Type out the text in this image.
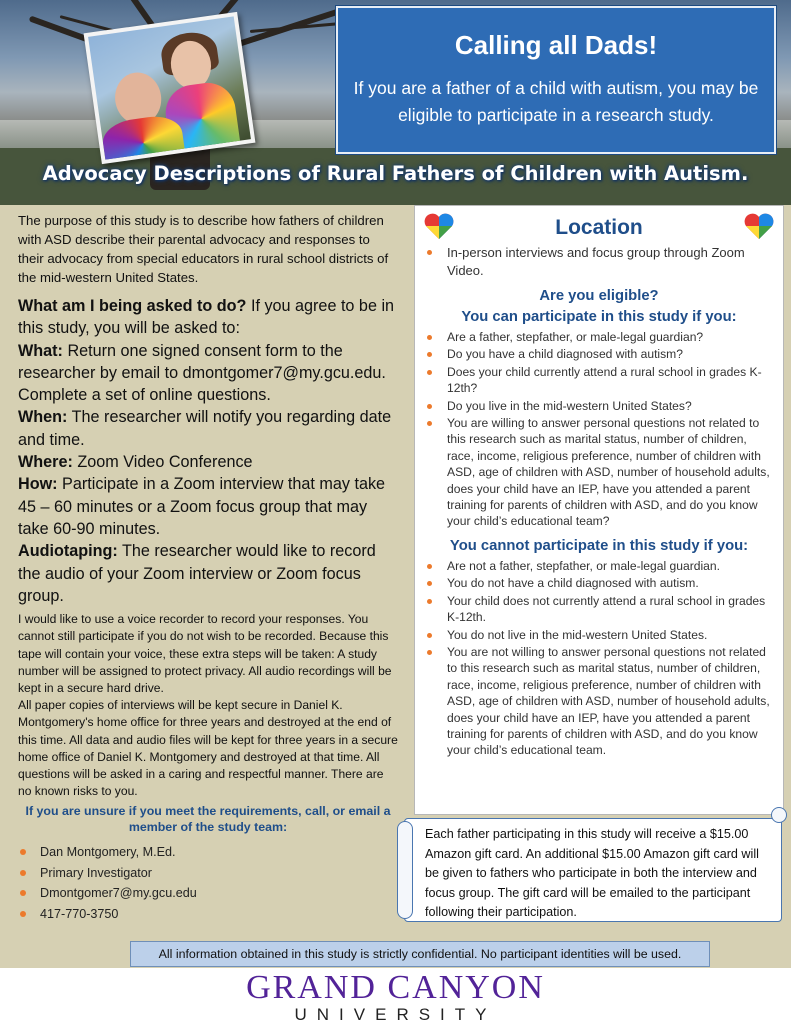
Calling all Dads!

If you are a father of a child with autism, you may be eligible to participate in a research study.

Advocacy Descriptions of Rural Fathers of Children with Autism.

The purpose of this study is to describe how fathers of children with ASD describe their parental advocacy and responses to their advocacy from special educators in rural school districts of the mid-western United States.

What am I being asked to do? If you agree to be in this study, you will be asked to:
What: Return one signed consent form to the researcher by email to dmontgomer7@my.gcu.edu. Complete a set of online questions.
When: The researcher will notify you regarding date and time.
Where: Zoom Video Conference
How: Participate in a Zoom interview that may take 45 – 60 minutes or a Zoom focus group that may take 60-90 minutes.
Audiotaping: The researcher would like to record the audio of your Zoom interview or Zoom focus group.

I would like to use a voice recorder to record your responses. You cannot still participate if you do not wish to be recorded. Because this tape will contain your voice, these extra steps will be taken: A study number will be assigned to protect privacy. All audio recordings will be kept in a secure hard drive.

All paper copies of interviews will be kept secure in Daniel K. Montgomery's home office for three years and destroyed at the end of this time. All data and audio files will be kept for three years in a secure home office of Daniel K. Montgomery and destroyed at that time. All questions will be asked in a caring and respectful manner. There are no known risks to you.

If you are unsure if you meet the requirements, call, or email a member of the study team:

Dan Montgomery, M.Ed.
Primary Investigator
Dmontgomer7@my.gcu.edu
417-770-3750
Location
In-person interviews and focus group through Zoom Video.
Are you eligible?
You can participate in this study if you:
Are a father, stepfather, or male-legal guardian?
Do you have a child diagnosed with autism?
Does your child currently attend a rural school in grades K-12th?
Do you live in the mid-western United States?
You are willing to answer personal questions not related to this research such as marital status, number of children, race, income, religious preference, number of children with ASD, age of children with ASD, number of household adults, does your child have an IEP, have you attended a parent training for parents of children with ASD, and do you know your child’s educational team?
You cannot participate in this study if you:
Are not a father, stepfather, or male-legal guardian.
You do not have a child diagnosed with autism.
Your child does not currently attend a rural school in grades K-12th.
You do not live in the mid-western United States.
You are not willing to answer personal questions not related to this research such as marital status, number of children, race, income, religious preference, number of children with ASD, age of children with ASD, number of household adults, does your child have an IEP, have you attended a parent training for parents of children with ASD, and do you know your child’s educational team.

Each father participating in this study will receive a $15.00 Amazon gift card. An additional $15.00 Amazon gift card will be given to fathers who participate in both the interview and focus group. The gift card will be emailed to the participant following their participation.

All information obtained in this study is strictly confidential. No participant identities will be used.
GRAND CANYON
UNIVERSITY
